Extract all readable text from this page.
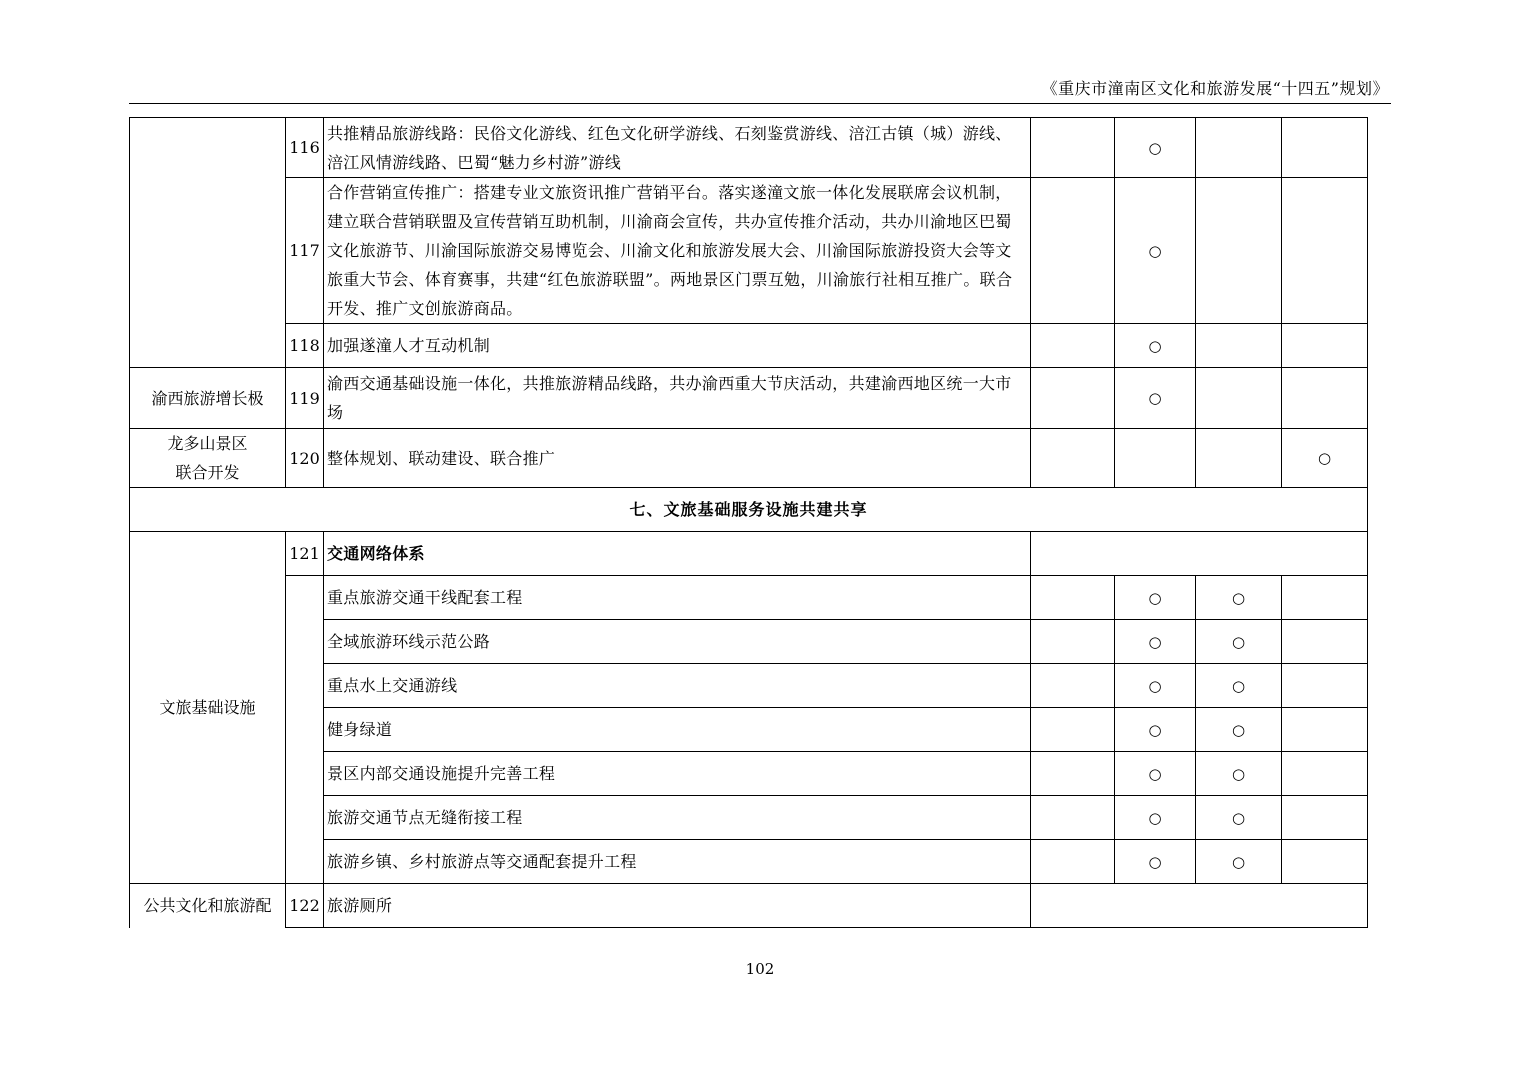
《重庆市潼南区文化和旅游发展“十四五”规划》
	116	共推精品旅游线路：民俗文化游线、红色文化研学游线、石刻鉴赏游线、涪江古镇（城）游线、涪江风情游线路、巴蜀“魅力乡村游”游线		○		
	117	合作营销宣传推广：搭建专业文旅资讯推广营销平台。落实遂潼文旅一体化发展联席会议机制，建立联合营销联盟及宣传营销互助机制，川渝商会宣传，共办宣传推介活动，共办川渝地区巴蜀文化旅游节、川渝国际旅游交易博览会、川渝文化和旅游发展大会、川渝国际旅游投资大会等文旅重大节会、体育赛事，共建“红色旅游联盟”。两地景区门票互勉，川渝旅行社相互推广。联合开发、推广文创旅游商品。		○		
	118	加强遂潼人才互动机制		○		
渝西旅游增长极	119	渝西交通基础设施一体化，共推旅游精品线路，共办渝西重大节庆活动，共建渝西地区统一大市场		○		

龙多山景区
联合开发	120	整体规划、联动建设、联合推广				○
七、文旅基础服务设施共建共享						
文旅基础设施	121	交通网络体系				
		重点旅游交通干线配套工程		○	○	
		全域旅游环线示范公路		○	○	
		重点水上交通游线		○	○	
		健身绿道		○	○	
		景区内部交通设施提升完善工程		○	○	
		旅游交通节点无缝衔接工程		○	○	
		旅游乡镇、乡村旅游点等交通配套提升工程		○	○	
公共文化和旅游配	122	旅游厕所				
102
